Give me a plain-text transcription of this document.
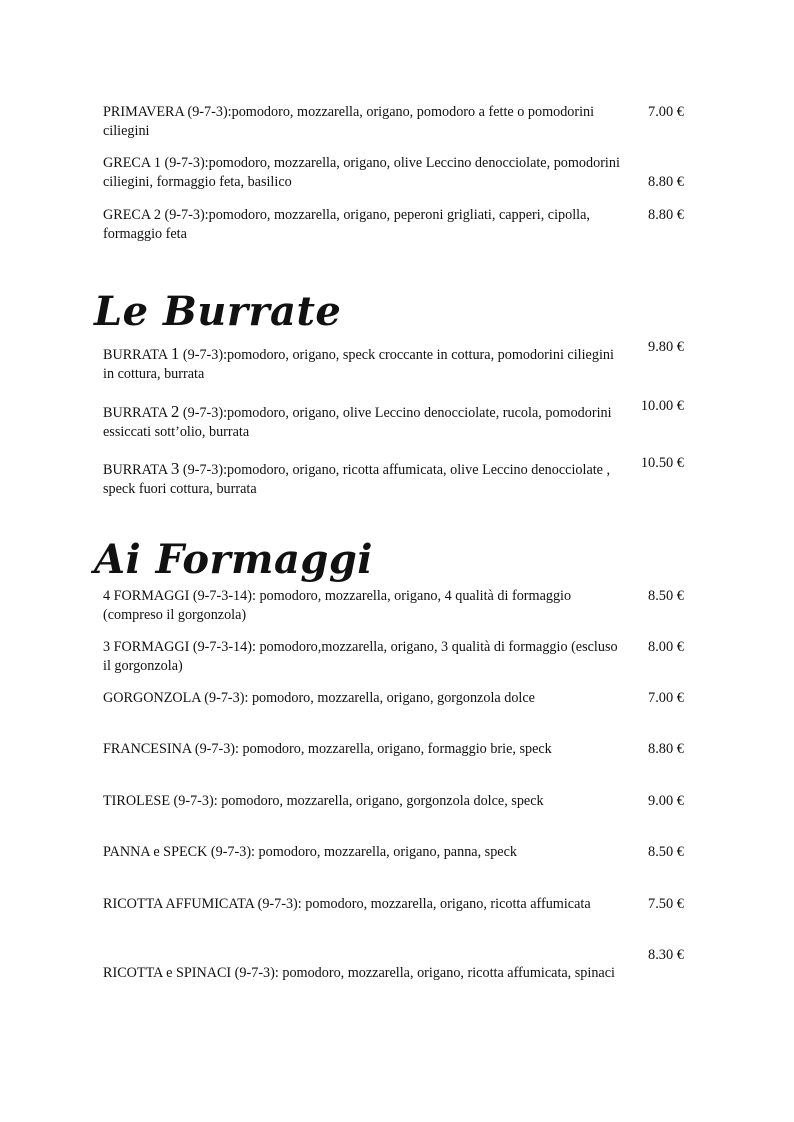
PRIMAVERA (9-7-3):pomodoro, mozzarella, origano, pomodoro a fette o pomodorini ciliegini
7.00 €
GRECA 1 (9-7-3):pomodoro, mozzarella, origano, olive Leccino denocciolate, pomodorini ciliegini, formaggio feta, basilico	8.80 €
GRECA 2 (9-7-3):pomodoro, mozzarella, origano, peperoni grigliati, capperi, cipolla, formaggio feta
8.80 €
Le Burrate
BURRATA 1 (9-7-3):pomodoro, origano, speck croccante in cottura, pomodorini ciliegini in cottura, burrata
9.80 €
BURRATA 2 (9-7-3):pomodoro, origano, olive Leccino denocciolate, rucola, pomodorini essiccati sott’olio, burrata
10.00 €
BURRATA 3 (9-7-3):pomodoro, origano, ricotta affumicata, olive Leccino denocciolate , speck fuori cottura, burrata
10.50 €
Ai Formaggi
4 FORMAGGI (9-7-3-14): pomodoro, mozzarella, origano, 4 qualità di formaggio (compreso il gorgonzola)
8.50 €
3 FORMAGGI (9-7-3-14): pomodoro,mozzarella, origano, 3 qualità di formaggio (escluso il gorgonzola)
8.00 €
GORGONZOLA (9-7-3): pomodoro, mozzarella, origano, gorgonzola dolce	7.00 €
FRANCESINA (9-7-3): pomodoro, mozzarella, origano, formaggio brie, speck	8.80 €
TIROLESE (9-7-3): pomodoro, mozzarella, origano, gorgonzola dolce, speck	9.00 €
PANNA e SPECK (9-7-3): pomodoro, mozzarella, origano, panna, speck	8.50 €
RICOTTA AFFUMICATA (9-7-3): pomodoro, mozzarella, origano, ricotta affumicata	7.50 €
RICOTTA e SPINACI (9-7-3): pomodoro, mozzarella, origano, ricotta affumicata, spinaci
8.30 €
